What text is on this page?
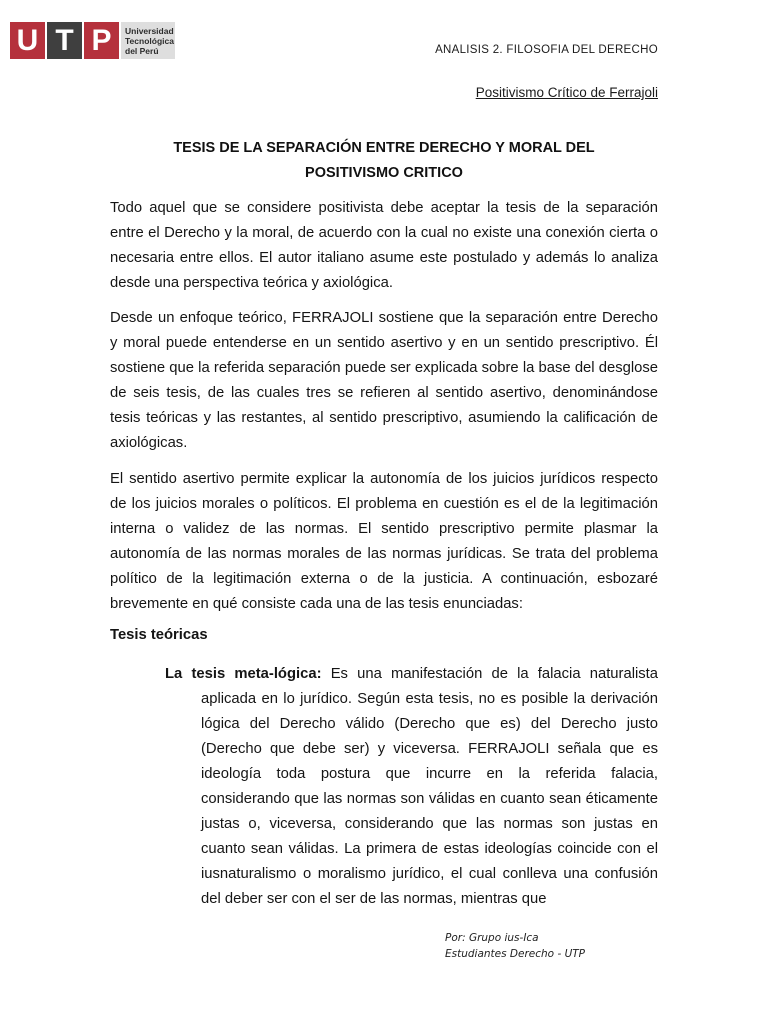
U T P	Universidad
Tecnológica
del Perú	ANALISIS 2. FILOSOFIA DEL DERECHO
Positivismo Crítico de Ferrajoli
TESIS DE LA SEPARACIÓN ENTRE DERECHO Y MORAL DEL
POSITIVISMO CRITICO

Todo aquel que se considere positivista debe aceptar la tesis de la separación entre el Derecho y la moral, de acuerdo con la cual no existe una conexión cierta o necesaria entre ellos. El autor italiano asume este postulado y además lo analiza desde una perspectiva teórica y axiológica.

Desde un enfoque teórico, FERRAJOLI sostiene que la separación entre Derecho y moral puede entenderse en un sentido asertivo y en un sentido prescriptivo. Él sostiene que la referida separación puede ser explicada sobre la base del desglose de seis tesis, de las cuales tres se refieren al sentido asertivo, denominándose tesis teóricas y las restantes, al sentido prescriptivo, asumiendo la calificación de axiológicas.

El sentido asertivo permite explicar la autonomía de los juicios jurídicos respecto de los juicios morales o políticos. El problema en cuestión es el de la legitimación interna o validez de las normas. El sentido prescriptivo permite plasmar la autonomía de las normas morales de las normas jurídicas. Se trata del problema político de la legitimación externa o de la justicia. A continuación, esbozaré brevemente en qué consiste cada una de las tesis enunciadas:

Tesis teóricas

La tesis meta-lógica: Es una manifestación de la falacia naturalista aplicada en lo jurídico. Según esta tesis, no es posible la derivación lógica del Derecho válido (Derecho que es) del Derecho justo (Derecho que debe ser) y viceversa. FERRAJOLI señala que es ideología toda postura que incurre en la referida falacia, considerando que las normas son válidas en cuanto sean éticamente justas o, viceversa, considerando que las normas son justas en cuanto sean válidas. La primera de estas ideologías coincide con el iusnaturalismo o moralismo jurídico, el cual conlleva una confusión del deber ser con el ser de las normas, mientras que

Por: Grupo ius-Ica
Estudiantes Derecho - UTP
